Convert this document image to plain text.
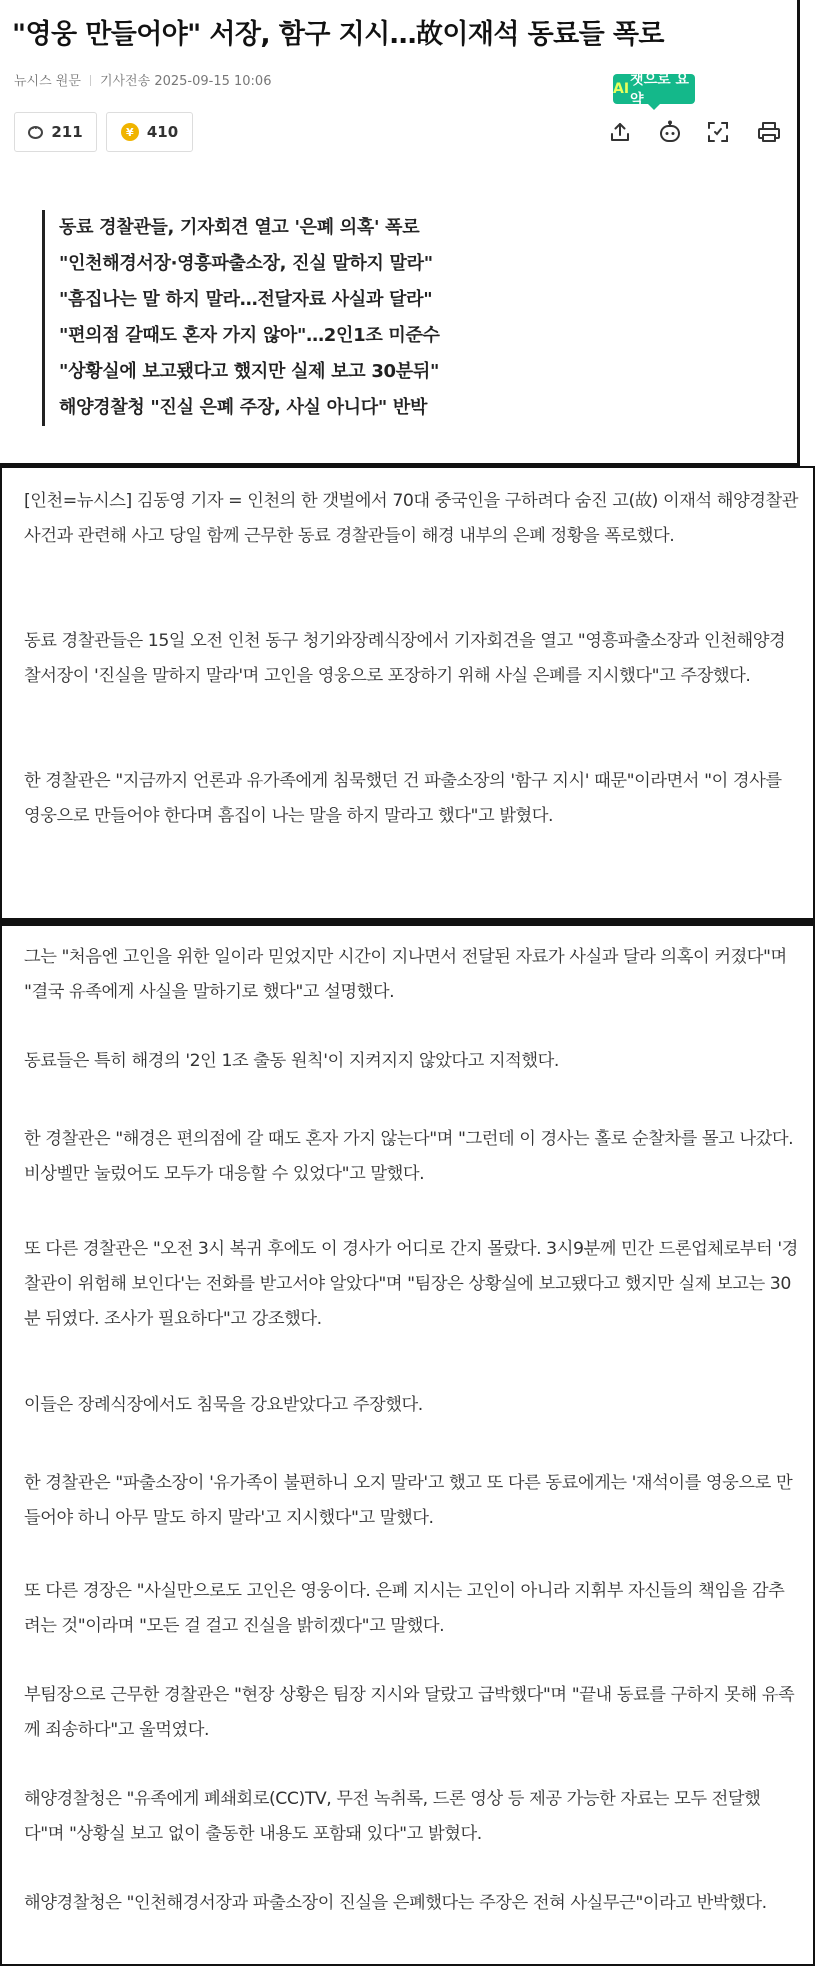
"영웅 만들어야" 서장, 함구 지시…故이재석 동료들 폭로
뉴시스 원문 기사전송 2025-09-15 10:06
…
211	¥ 410
AI
챗으로 요약
동료 경찰관들, 기자회견 열고 '은폐 의혹' 폭로
"인천해경서장·영흥파출소장, 진실 말하지 말라"
"흠집나는 말 하지 말라…전달자료 사실과 달라"
"편의점 갈때도 혼자 가지 않아"…2인1조 미준수
"상황실에 보고됐다고 했지만 실제 보고 30분뒤"
해양경찰청 "진실 은폐 주장, 사실 아니다" 반박

[인천=뉴시스] 김동영 기자 = 인천의 한 갯벌에서 70대 중국인을 구하려다 숨진 고(故) 이재석 해양경찰관 사건과 관련해 사고 당일 함께 근무한 동료 경찰관들이 해경 내부의 은폐 정황을 폭로했다.

동료 경찰관들은 15일 오전 인천 동구 청기와장례식장에서 기자회견을 열고 "영흥파출소장과 인천해양경찰서장이 '진실을 말하지 말라'며 고인을 영웅으로 포장하기 위해 사실 은폐를 지시했다"고 주장했다.

한 경찰관은 "지금까지 언론과 유가족에게 침묵했던 건 파출소장의 '함구 지시' 때문"이라면서 "이 경사를 영웅으로 만들어야 한다며 흠집이 나는 말을 하지 말라고 했다"고 밝혔다.

그는 "처음엔 고인을 위한 일이라 믿었지만 시간이 지나면서 전달된 자료가 사실과 달라 의혹이 커졌다"며 "결국 유족에게 사실을 말하기로 했다"고 설명했다.

동료들은 특히 해경의 '2인 1조 출동 원칙'이 지켜지지 않았다고 지적했다.

한 경찰관은 "해경은 편의점에 갈 때도 혼자 가지 않는다"며 "그런데 이 경사는 홀로 순찰차를 몰고 나갔다. 비상벨만 눌렀어도 모두가 대응할 수 있었다"고 말했다.

또 다른 경찰관은 "오전 3시 복귀 후에도 이 경사가 어디로 간지 몰랐다. 3시9분께 민간 드론업체로부터 '경찰관이 위험해 보인다'는 전화를 받고서야 알았다"며 "팀장은 상황실에 보고됐다고 했지만 실제 보고는 30분 뒤였다. 조사가 필요하다"고 강조했다.

이들은 장례식장에서도 침묵을 강요받았다고 주장했다.

한 경찰관은 "파출소장이 '유가족이 불편하니 오지 말라'고 했고 또 다른 동료에게는 '재석이를 영웅으로 만들어야 하니 아무 말도 하지 말라'고 지시했다"고 말했다.

또 다른 경장은 "사실만으로도 고인은 영웅이다. 은폐 지시는 고인이 아니라 지휘부 자신들의 책임을 감추려는 것"이라며 "모든 걸 걸고 진실을 밝히겠다"고 말했다.

부팀장으로 근무한 경찰관은 "현장 상황은 팀장 지시와 달랐고 급박했다"며 "끝내 동료를 구하지 못해 유족께 죄송하다"고 울먹였다.

해양경찰청은 "유족에게 폐쇄회로(CC)TV, 무전 녹취록, 드론 영상 등 제공 가능한 자료는 모두 전달했다"며 "상황실 보고 없이 출동한 내용도 포함돼 있다"고 밝혔다.

해양경찰청은 "인천해경서장과 파출소장이 진실을 은폐했다는 주장은 전혀 사실무근"이라고 반박했다.
